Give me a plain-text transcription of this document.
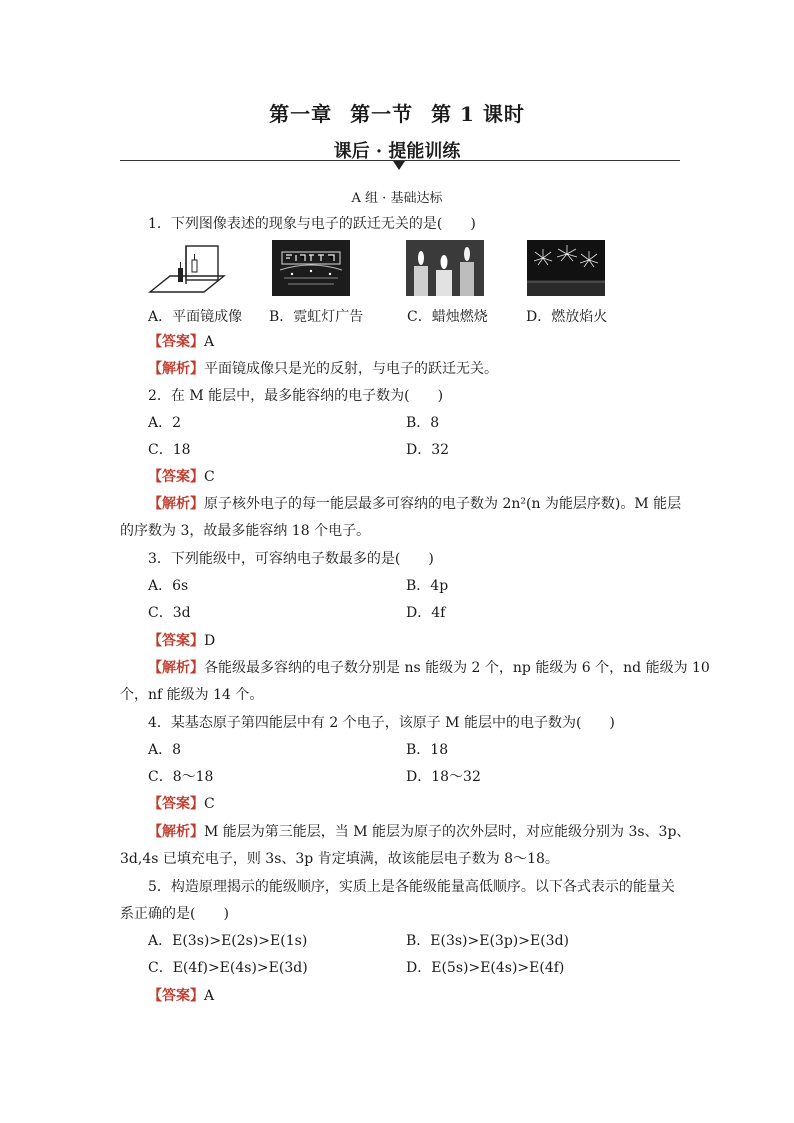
第一章 第一节 第 1 课时
课后 · 提能训练
A 组 · 基础达标
1．下列图像表述的现象与电子的跃迁无关的是(　　)
A．平面镜成像 B．霓虹灯广告	C．蜡烛燃烧	D．燃放焰火
【答案】A
【解析】平面镜成像只是光的反射，与电子的跃迁无关。
2．在 M 能层中，最多能容纳的电子数为(　　)
A．2	B．8
C．18	D．32
【答案】C
【解析】原子核外电子的每一能层最多可容纳的电子数为 2n²(n 为能层序数)。M 能层
的序数为 3，故最多能容纳 18 个电子。
3．下列能级中，可容纳电子数最多的是(　　)
A．6s	B．4p
C．3d	D．4f
【答案】D
【解析】各能级最多容纳的电子数分别是 ns 能级为 2 个，np 能级为 6 个，nd 能级为 10
个，nf 能级为 14 个。
4．某基态原子第四能层中有 2 个电子，该原子 M 能层中的电子数为(　　)
A．8	B．18
C．8～18	D．18～32
【答案】C
【解析】M 能层为第三能层，当 M 能层为原子的次外层时，对应能级分别为 3s、3p、
3d,4s 已填充电子，则 3s、3p 肯定填满，故该能层电子数为 8～18。
5．构造原理揭示的能级顺序，实质上是各能级能量高低顺序。以下各式表示的能量关
系正确的是(　　)
A．E(3s)>E(2s)>E(1s)	B．E(3s)>E(3p)>E(3d)
C．E(4f)>E(4s)>E(3d)	D．E(5s)>E(4s)>E(4f)
【答案】A
